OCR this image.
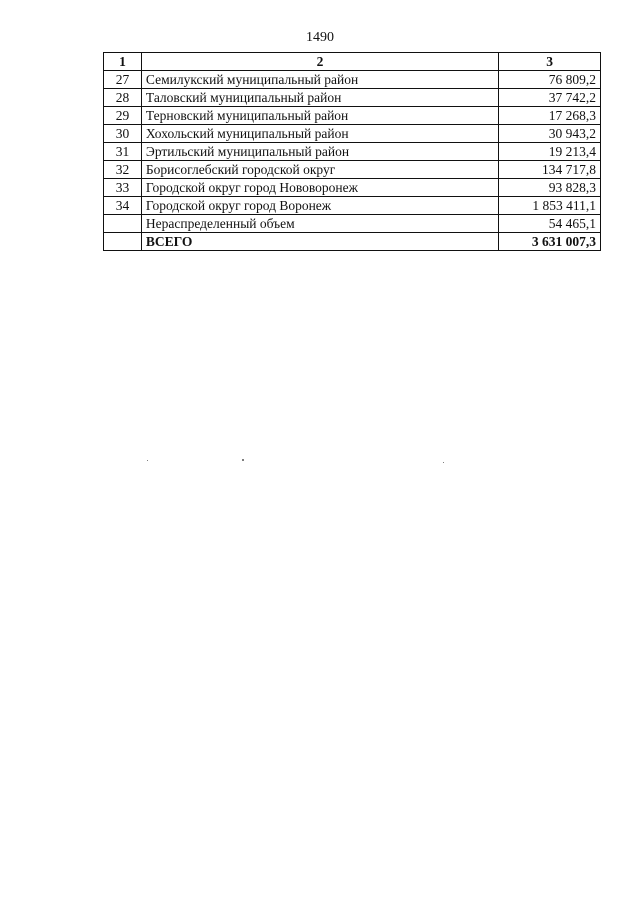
1490
1	2	3
27	Семилукский муниципальный район	76 809,2
28	Таловский муниципальный район	37 742,2
29	Терновский муниципальный район	17 268,3
30	Хохольский муниципальный район	30 943,2
31	Эртильский муниципальный район	19 213,4
32	Борисоглебский городской округ	134 717,8
33	Городской округ город Нововоронеж	93 828,3
34	Городской округ город Воронеж	1 853 411,1
	Нераспределенный объем	54 465,1
	ВСЕГО	3 631 007,3
